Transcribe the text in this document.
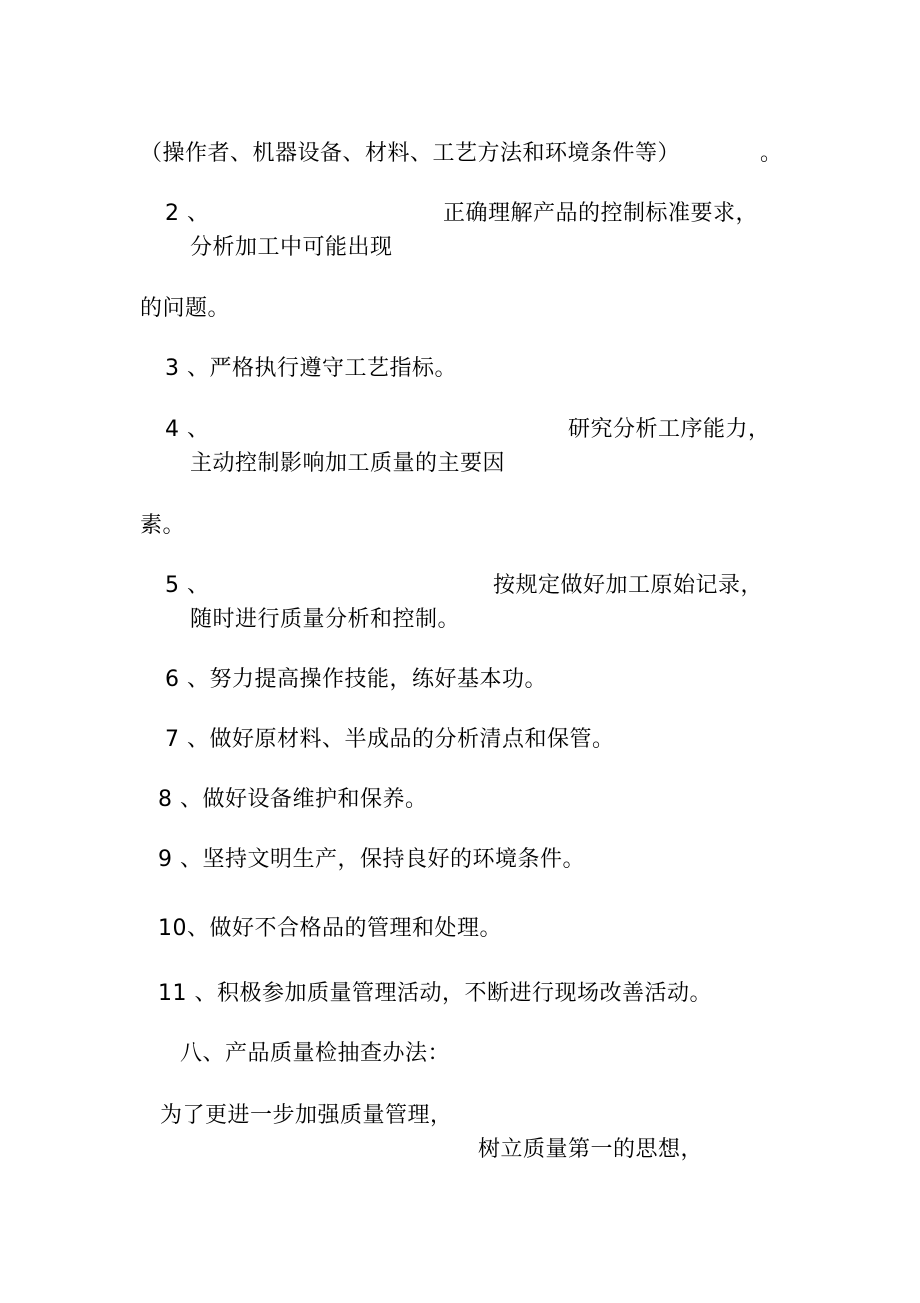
（操作者、机器设备、材料、工艺方法和环境条件等）	。
2 、	正确理解产品的控制标准要求，
分析加工中可能出现
的问题。
3 、严格执行遵守工艺指标。
4 、	研究分析工序能力，
主动控制影响加工质量的主要因
素。
5 、	按规定做好加工原始记录，
随时进行质量分析和控制。
6 、努力提高操作技能，练好基本功。
7 、做好原材料、半成品的分析清点和保管。
8 、做好设备维护和保养。
9 、坚持文明生产，保持良好的环境条件。
10、做好不合格品的管理和处理。
11 、积极参加质量管理活动，不断进行现场改善活动。
八、产品质量检抽查办法：
为了更进一步加强质量管理，
树立质量第一的思想，
